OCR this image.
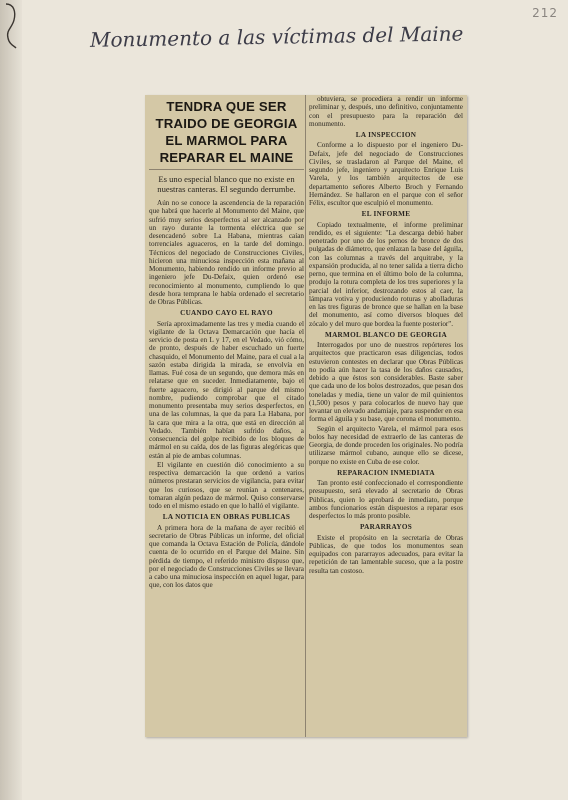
212
Monumento a las víctimas del Maine
TENDRA QUE SER TRAIDO DE GEORGIA EL MARMOL PARA REPARAR EL MAINE
Es uno especial blanco que no existe en nuestras canteras. El segundo derrumbe.

Aún no se conoce la ascendencia de la reparación que habrá que hacerle al Monumento del Maine, que sufrió muy serios desperfectos al ser alcanzado por un rayo durante la tormenta eléctrica que se desencadenó sobre La Habana, mientras caían torrenciales aguaceros, en la tarde del domingo. Técnicos del negociado de Construcciones Civiles, hicieron una minuciosa inspección esta mañana al Monumento, habiendo rendido un informe previo al ingeniero jefe Du-Defaix, quien ordenó ese reconocimiento al monumento, cumpliendo lo que desde hora temprana le había ordenado el secretario de Obras Públicas.

CUANDO CAYO EL RAYO

Sería aproximadamente las tres y media cuando el vigilante de la Octava Demarcación que hacía el servicio de posta en L y 17, en el Vedado, vió cómo, de pronto, después de haber escuchado un fuerte chasquido, el Monumento del Maine, para el cual a la sazón estaba dirigida la mirada, se envolvía en llamas. Fué cosa de un segundo, que demora más en relatarse que en suceder. Inmediatamente, bajo el fuerte aguacero, se dirigió al parque del mismo nombre, pudiendo comprobar que el citado monumento presentaba muy serios desperfectos, en una de las columnas, la que da para La Habana, por la cara que mira a la otra, que está en dirección al Vedado. También habían sufrido daños, a consecuencia del golpe recibido de los bloques de mármol en su caída, dos de las figuras alegóricas que están al pie de ambas columnas.

El vigilante en cuestión dió conocimiento a su respectiva demarcación la que ordenó a varios números prestaran servicios de vigilancia, para evitar que los curiosos, que se reunían a centenares, tomaran algún pedazo de mármol. Quiso conservarse todo en el mismo estado en que lo halló el vigilante.

LA NOTICIA EN OBRAS PUBLICAS

A primera hora de la mañana de ayer recibió el secretario de Obras Públicas un informe, del oficial que comanda la Octava Estación de Policía, dándole cuenta de lo ocurrido en el Parque del Maine. Sin pérdida de tiempo, el referido ministro dispuso que, por el negociado de Construcciones Civiles se llevara a cabo una minuciosa inspección en aquel lugar, para que, con los datos que

obtuviera, se procediera a rendir un informe preliminar y, después, uno definitivo, conjuntamente con el presupuesto para la reparación del monumento.

LA INSPECCION

Conforme a lo dispuesto por el ingeniero Du-Defaix, jefe del negociado de Construcciones Civiles, se trasladaron al Parque del Maine, el segundo jefe, ingeniero y arquitecto Enrique Luis Varela, y los también arquitectos de ese departamento señores Alberto Broch y Fernando Hernández. Se hallaron en el parque con el señor Félix, escultor que esculpió el monumento.

EL INFORME

Copiado textualmente, el informe preliminar rendido, es el siguiente: "La descarga debió haber penetrado por uno de los pernos de bronce de dos pulgadas de diámetro, que enlazan la base del águila, con las columnas a través del arquitrabe, y la expansión producida, al no tener salida a tierra dicho perno, que termina en el último bolo de la columna, produjo la rotura completa de los tres superiores y la parcial del inferior, destrozando estos al caer, la lámpara votiva y produciendo roturas y abolladuras en las tres figuras de bronce que se hallan en la base del monumento, así como diversos bloques del zócalo y del muro que bordea la fuente posterior".

MARMOL BLANCO DE GEORGIA

Interrogados por uno de nuestros repórteres los arquitectos que practicaron esas diligencias, todos estuvieron contestes en declarar que Obras Públicas no podía aún hacer la tasa de los daños causados, debido a que éstos son considerables. Baste saber que cada uno de los bolos destrozados, que pesan dos toneladas y media, tiene un valor de mil quinientos (1,500) pesos y para colocarlos de nuevo hay que levantar un elevado andamiaje, para suspender en esa forma el águila y su base, que corona el monumento.

Según el arquitecto Varela, el mármol para esos bolos hay necesidad de extraerlo de las canteras de Georgia, de donde proceden los originales. No podría utilizarse mármol cubano, aunque ello se dicese, porque no existe en Cuba de ese color.

REPARACION INMEDIATA

Tan pronto esté confeccionado el correspondiente presupuesto, será elevado al secretario de Obras Públicas, quien lo aprobará de inmediato, porque ambos funcionarios están dispuestos a reparar esos desperfectos lo más pronto posible.

PARARRAYOS

Existe el propósito en la secretaría de Obras Públicas, de que todos los monumentos sean equipados con pararrayos adecuados, para evitar la repetición de tan lamentable suceso, que a la postre resulta tan costoso.
